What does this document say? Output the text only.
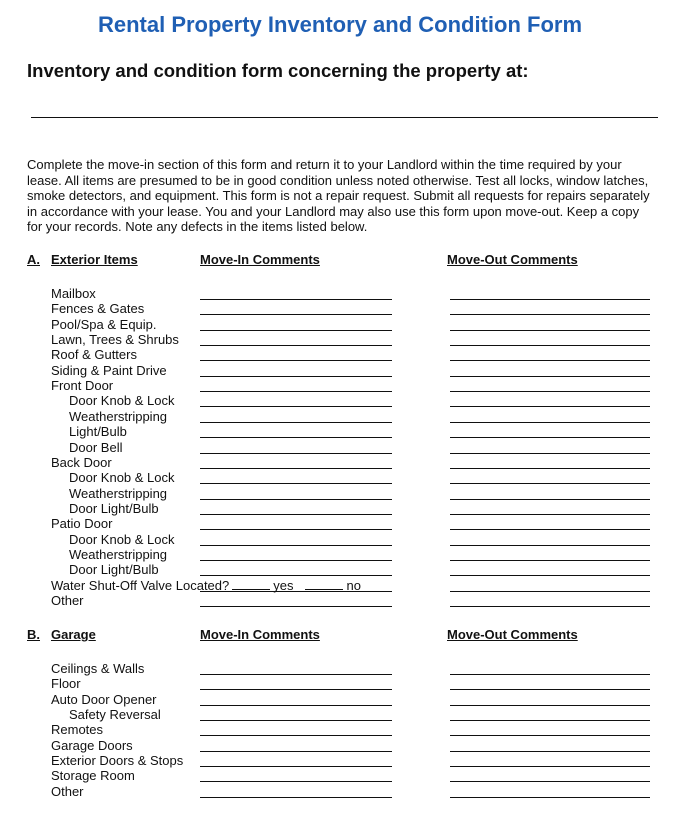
Rental Property Inventory and Condition Form
Inventory and condition form concerning the property at:
Complete the move-in section of this form and return it to your Landlord within the time required by your
lease. All items are presumed to be in good condition unless noted otherwise. Test all locks, window latches,
smoke detectors, and equipment. This form is not a repair request. Submit all requests for repairs separately
in accordance with your lease. You and your Landlord may also use this form upon move-out. Keep a copy
for your records. Note any defects in the items listed below.
A. Exterior Items	Move-In Comments	Move-Out Comments
Mailbox
Fences & Gates
Pool/Spa & Equip.
Lawn, Trees & Shrubs
Roof & Gutters
Siding & Paint Drive
Front Door
Door Knob & Lock
Weatherstripping
Light/Bulb
Door Bell
Back Door
Door Knob & Lock
Weatherstripping
Door Light/Bulb
Patio Door
Door Knob & Lock
Weatherstripping
Door Light/Bulb
Water Shut-Off Valve Located?	yes	no
Other
B. Garage	Move-In Comments	Move-Out Comments
Ceilings & Walls
Floor
Auto Door Opener
Safety Reversal
Remotes
Garage Doors
Exterior Doors & Stops
Storage Room
Other
